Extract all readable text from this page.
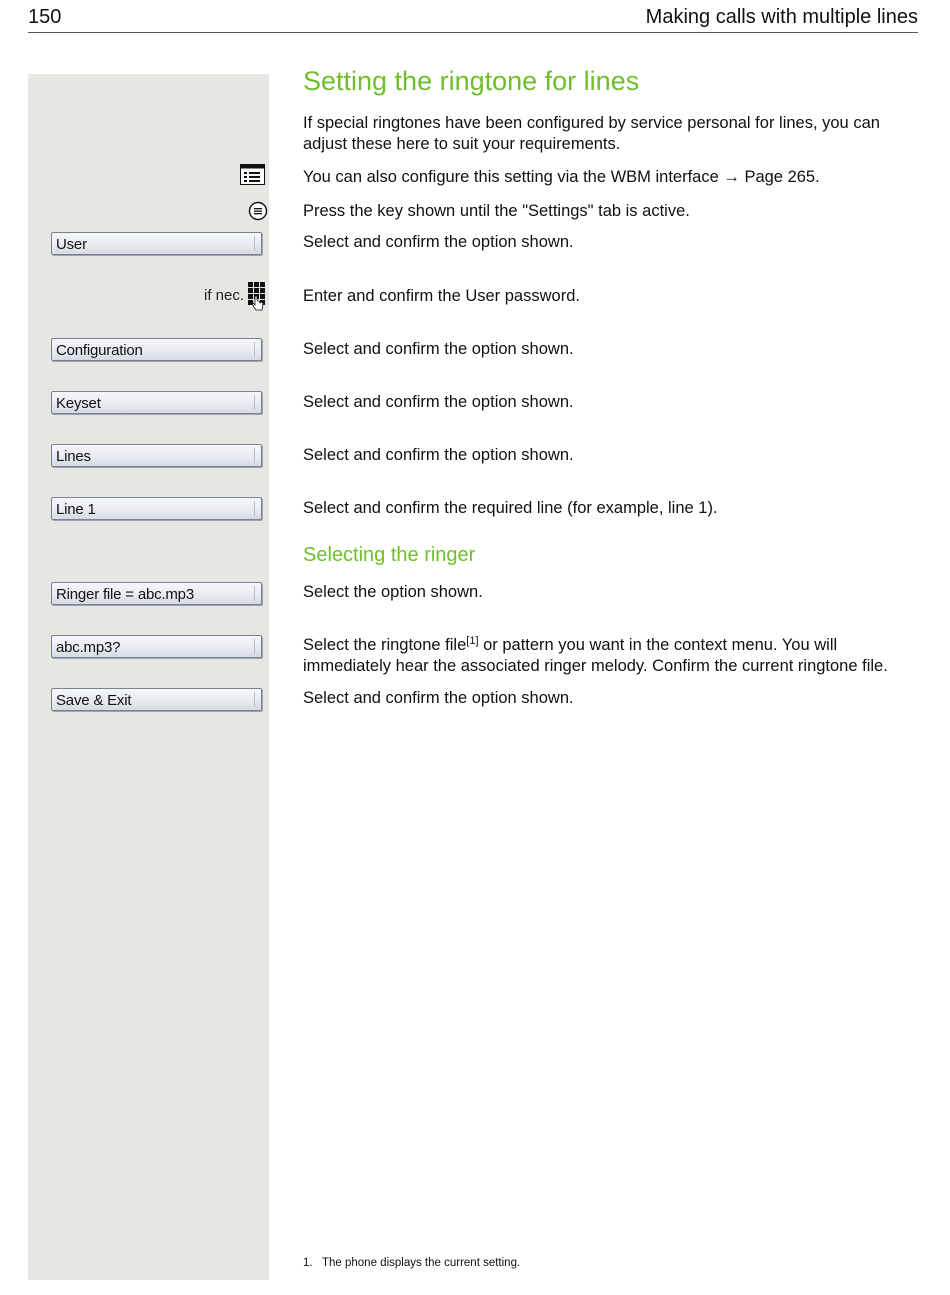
150	Making calls with multiple lines
if nec.
User
Configuration
Keyset
Lines
Line 1
Ringer file = abc.mp3
abc.mp3?
Save & Exit
Setting the ringtone for lines
If special ringtones have been configured by service personal for lines, you can adjust these here to suit your requirements.
You can also configure this setting via the WBM interface → Page 265.
Press the key shown until the "Settings" tab is active.
Select and confirm the option shown.
Enter and confirm the User password.
Select and confirm the option shown.
Select and confirm the option shown.
Select and confirm the option shown.
Select and confirm the required line (for example, line 1).
Selecting the ringer
Select the option shown.
Select the ringtone file[1] or pattern you want in the context menu. You will immediately hear the associated ringer melody. Confirm the current ringtone file.
Select and confirm the option shown.
1. The phone displays the current setting.
